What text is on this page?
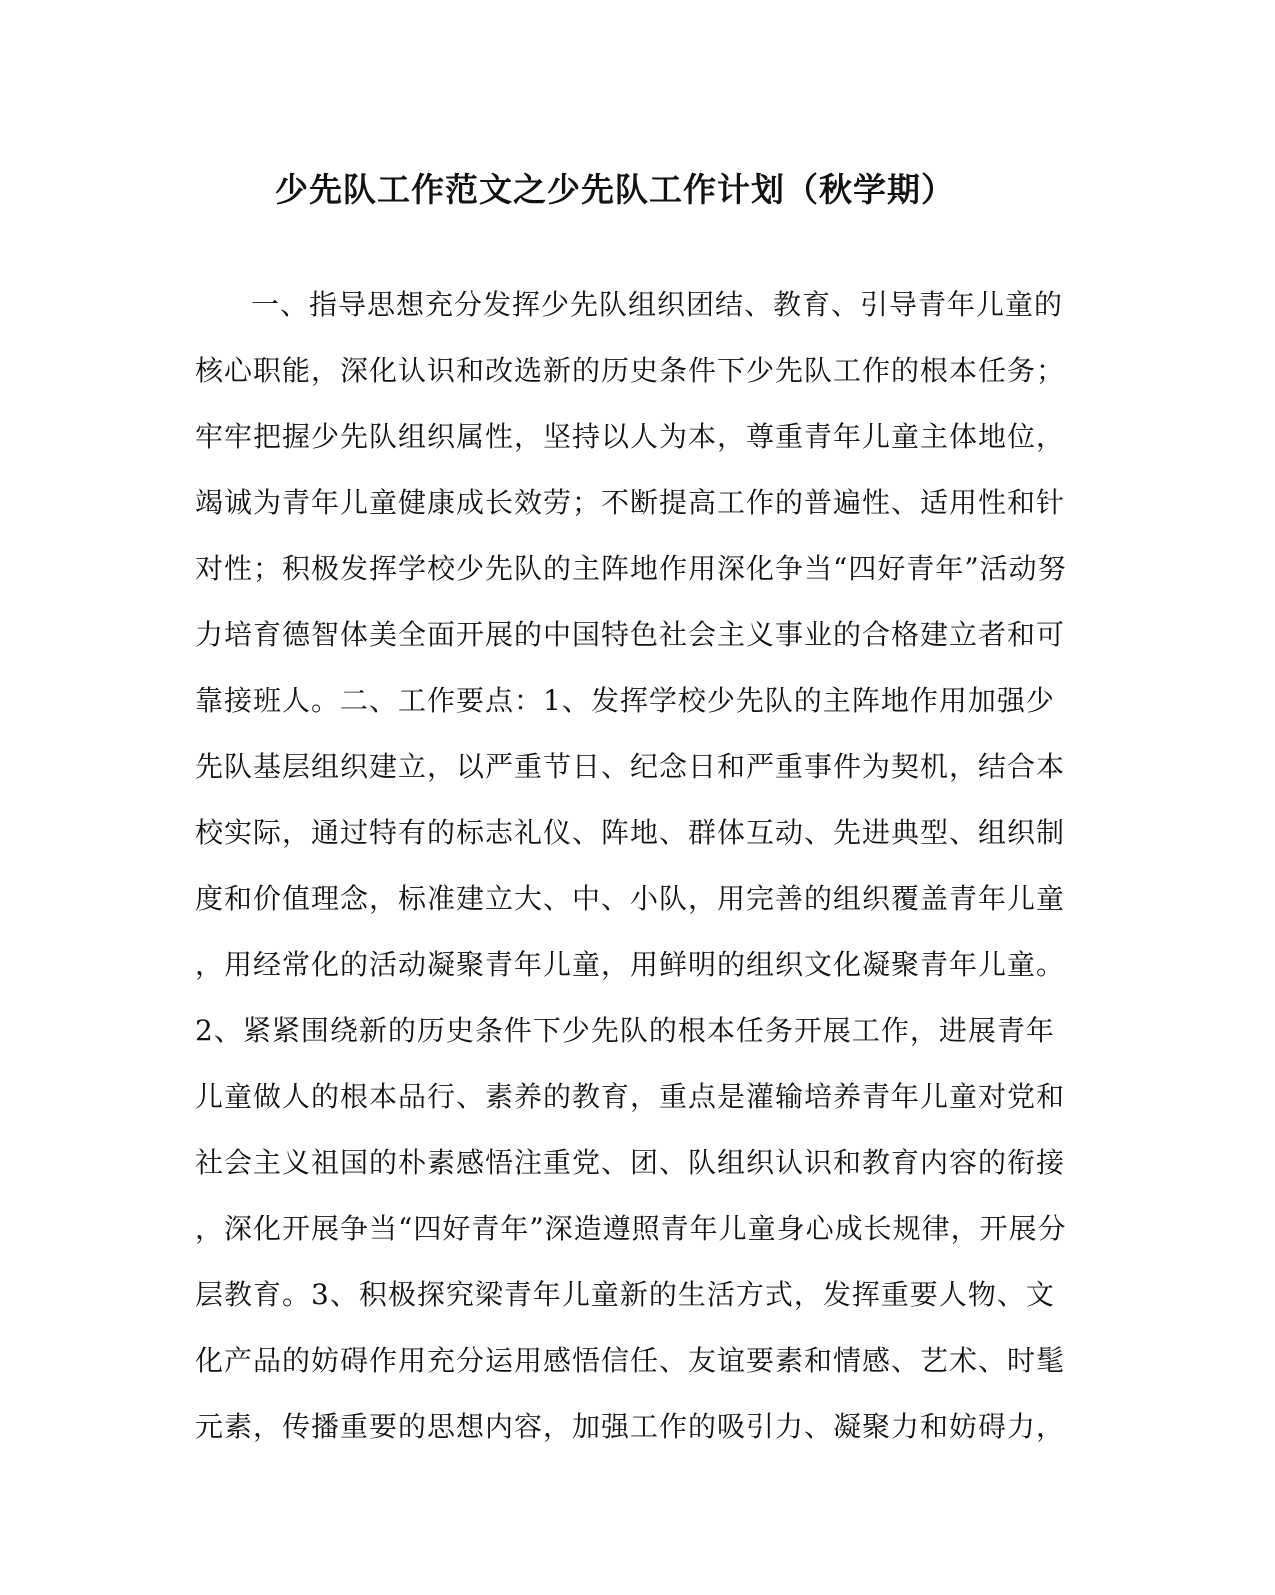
少先队工作范文之少先队工作计划（秋学期）
一、指导思想充分发挥少先队组织团结、教育、引导青年儿童的
核心职能，深化认识和改选新的历史条件下少先队工作的根本任务；
牢牢把握少先队组织属性，坚持以人为本，尊重青年儿童主体地位，
竭诚为青年儿童健康成长效劳；不断提高工作的普遍性、适用性和针
对性；积极发挥学校少先队的主阵地作用深化争当“四好青年”活动努
力培育德智体美全面开展的中国特色社会主义事业的合格建立者和可
靠接班人。二、工作要点：1、发挥学校少先队的主阵地作用加强少
先队基层组织建立，以严重节日、纪念日和严重事件为契机，结合本
校实际，通过特有的标志礼仪、阵地、群体互动、先进典型、组织制
度和价值理念，标准建立大、中、小队，用完善的组织覆盖青年儿童
，用经常化的活动凝聚青年儿童，用鲜明的组织文化凝聚青年儿童。
2、紧紧围绕新的历史条件下少先队的根本任务开展工作，进展青年
儿童做人的根本品行、素养的教育，重点是灌输培养青年儿童对党和
社会主义祖国的朴素感悟注重党、团、队组织认识和教育内容的衔接
，深化开展争当“四好青年”深造遵照青年儿童身心成长规律，开展分
层教育。3、积极探究梁青年儿童新的生活方式，发挥重要人物、文
化产品的妨碍作用充分运用感悟信任、友谊要素和情感、艺术、时髦
元素，传播重要的思想内容，加强工作的吸引力、凝聚力和妨碍力，
